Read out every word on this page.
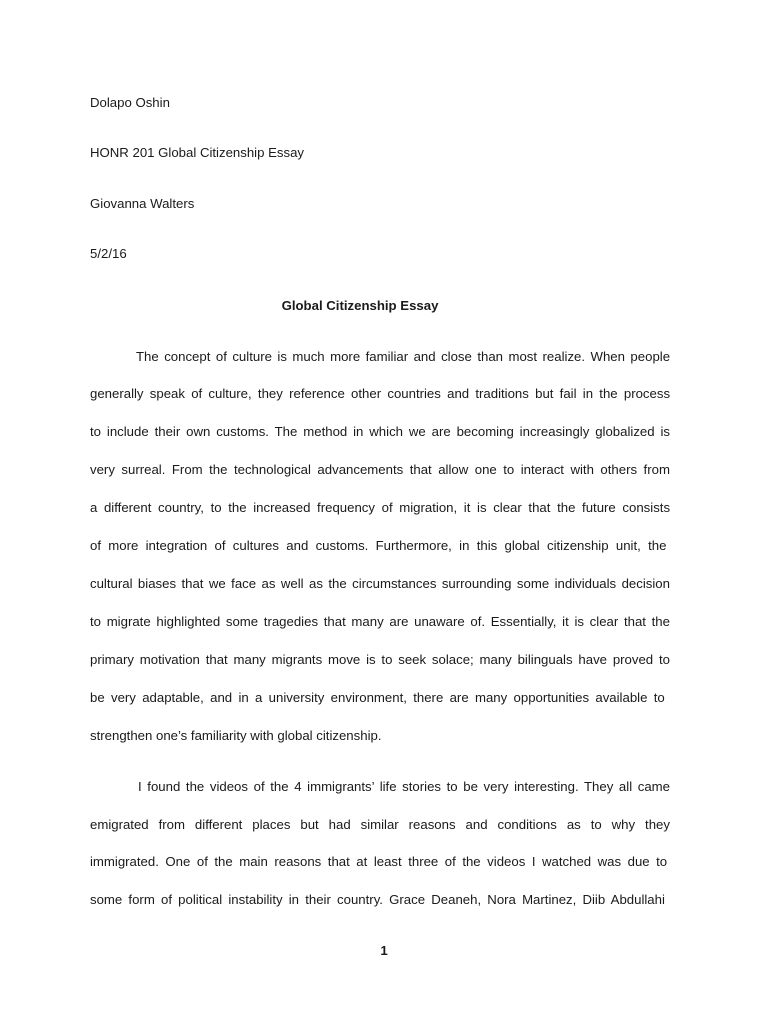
Dolapo Oshin
HONR 201 Global Citizenship Essay
Giovanna Walters
5/2/16
Global Citizenship Essay
The concept of culture is much more familiar and close than most realize. When people
generally speak of culture, they reference other countries and traditions but fail in the process
to include their own customs. The method in which we are becoming increasingly globalized is
very surreal. From the technological advancements that allow one to interact with others from
a different country, to the increased frequency of migration, it is clear that the future consists
of more integration of cultures and customs. Furthermore, in this global citizenship unit, the
cultural biases that we face as well as the circumstances surrounding some individuals decision
to migrate highlighted some tragedies that many are unaware of. Essentially, it is clear that the
primary motivation that many migrants move is to seek solace; many bilinguals have proved to
be very adaptable, and in a university environment, there are many opportunities available to
strengthen one’s familiarity with global citizenship.
I found the videos of the 4 immigrants’ life stories to be very interesting. They all came
emigrated from different places but had similar reasons and conditions as to why they
immigrated. One of the main reasons that at least three of the videos I watched was due to
some form of political instability in their country. Grace Deaneh, Nora Martinez, Diib Abdullahi
1
